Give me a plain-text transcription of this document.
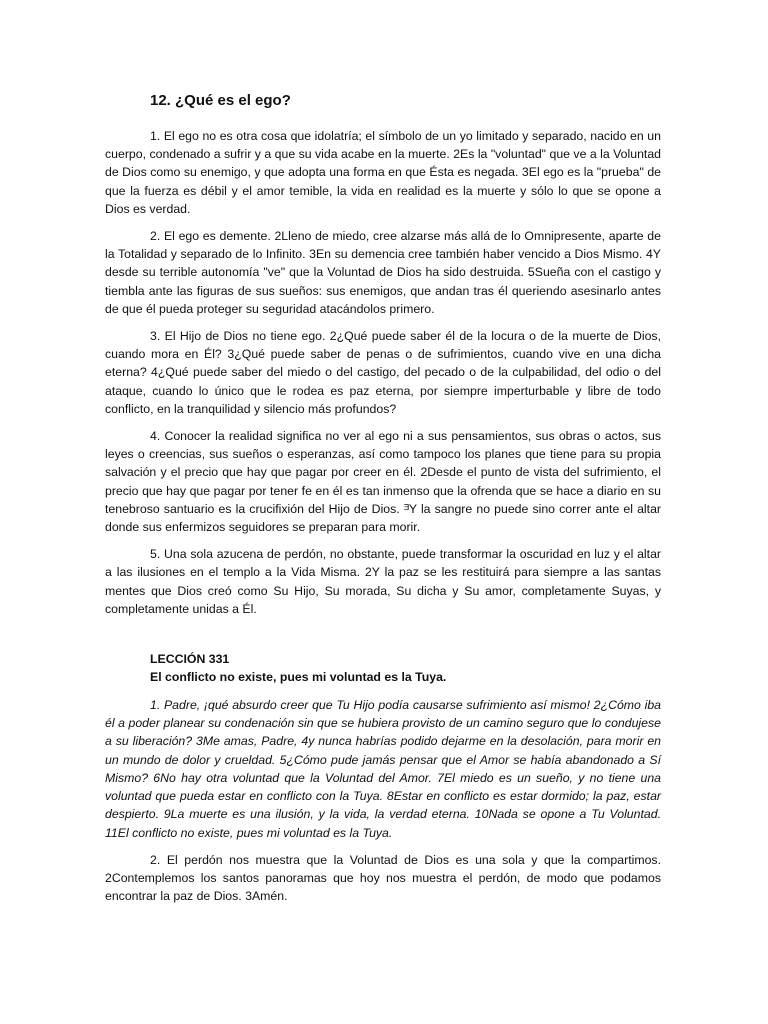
12. ¿Qué es el ego?

1. El ego no es otra cosa que idolatría; el símbolo de un yo limitado y separado, nacido en un cuerpo, condenado a sufrir y a que su vida acabe en la muerte. 2Es la "voluntad" que ve a la Voluntad de Dios como su enemigo, y que adopta una forma en que Ésta es negada. 3El ego es la "prueba" de que la fuerza es débil y el amor temible, la vida en realidad es la muerte y sólo lo que se opone a Dios es verdad.

2. El ego es demente. 2Lleno de miedo, cree alzarse más allá de lo Omnipresente, aparte de la Totalidad y separado de lo Infinito. 3En su demencia cree también haber vencido a Dios Mismo. 4Y desde su terrible autonomía "ve" que la Voluntad de Dios ha sido destruida. 5Sueña con el castigo y tiembla ante las figuras de sus sueños: sus enemigos, que andan tras él queriendo asesinarlo antes de que él pueda proteger su seguridad atacándolos primero.

3. El Hijo de Dios no tiene ego. 2¿Qué puede saber él de la locura o de la muerte de Dios, cuando mora en Él? 3¿Qué puede saber de penas o de sufrimientos, cuando vive en una dicha eterna? 4¿Qué puede saber del miedo o del castigo, del pecado o de la culpabilidad, del odio o del ataque, cuando lo único que le rodea es paz eterna, por siempre imperturbable y libre de todo conflicto, en la tranquilidad y silencio más profundos?

4. Conocer la realidad significa no ver al ego ni a sus pensamientos, sus obras o actos, sus leyes o creencias, sus sueños o esperanzas, así como tampoco los planes que tiene para su propia salvación y el precio que hay que pagar por creer en él. 2Desde el punto de vista del sufrimiento, el precio que hay que pagar por tener fe en él es tan inmenso que la ofrenda que se hace a diario en su tenebroso santuario es la crucifixión del Hijo de Dios. ᴲY la sangre no puede sino correr ante el altar donde sus enfermizos seguidores se preparan para morir.

5. Una sola azucena de perdón, no obstante, puede transformar la oscuridad en luz y el altar a las ilusiones en el templo a la Vida Misma. 2Y la paz se les restituirá para siempre a las santas mentes que Dios creó como Su Hijo, Su morada, Su dicha y Su amor, completamente Suyas, y completamente unidas a Él.

LECCIÓN 331
El conflicto no existe, pues mi voluntad es la Tuya.

1. Padre, ¡qué absurdo creer que Tu Hijo podía causarse sufrimiento así mismo! 2¿Cómo iba él a poder planear su condenación sin que se hubiera provisto de un camino seguro que lo condujese a su liberación? 3Me amas, Padre, 4y nunca habrías podido dejarme en la desolación, para morir en un mundo de dolor y crueldad. 5¿Cómo pude jamás pensar que el Amor se había abandonado a Sí Mismo? 6No hay otra voluntad que la Voluntad del Amor. 7El miedo es un sueño, y no tiene una voluntad que pueda estar en conflicto con la Tuya. 8Estar en conflicto es estar dormido; la paz, estar despierto. 9La muerte es una ilusión, y la vida, la verdad eterna. 10Nada se opone a Tu Voluntad. 11El conflicto no existe, pues mi voluntad es la Tuya.

2. El perdón nos muestra que la Voluntad de Dios es una sola y que la compartimos. 2Contemplemos los santos panoramas que hoy nos muestra el perdón, de modo que podamos encontrar la paz de Dios. 3Amén.
